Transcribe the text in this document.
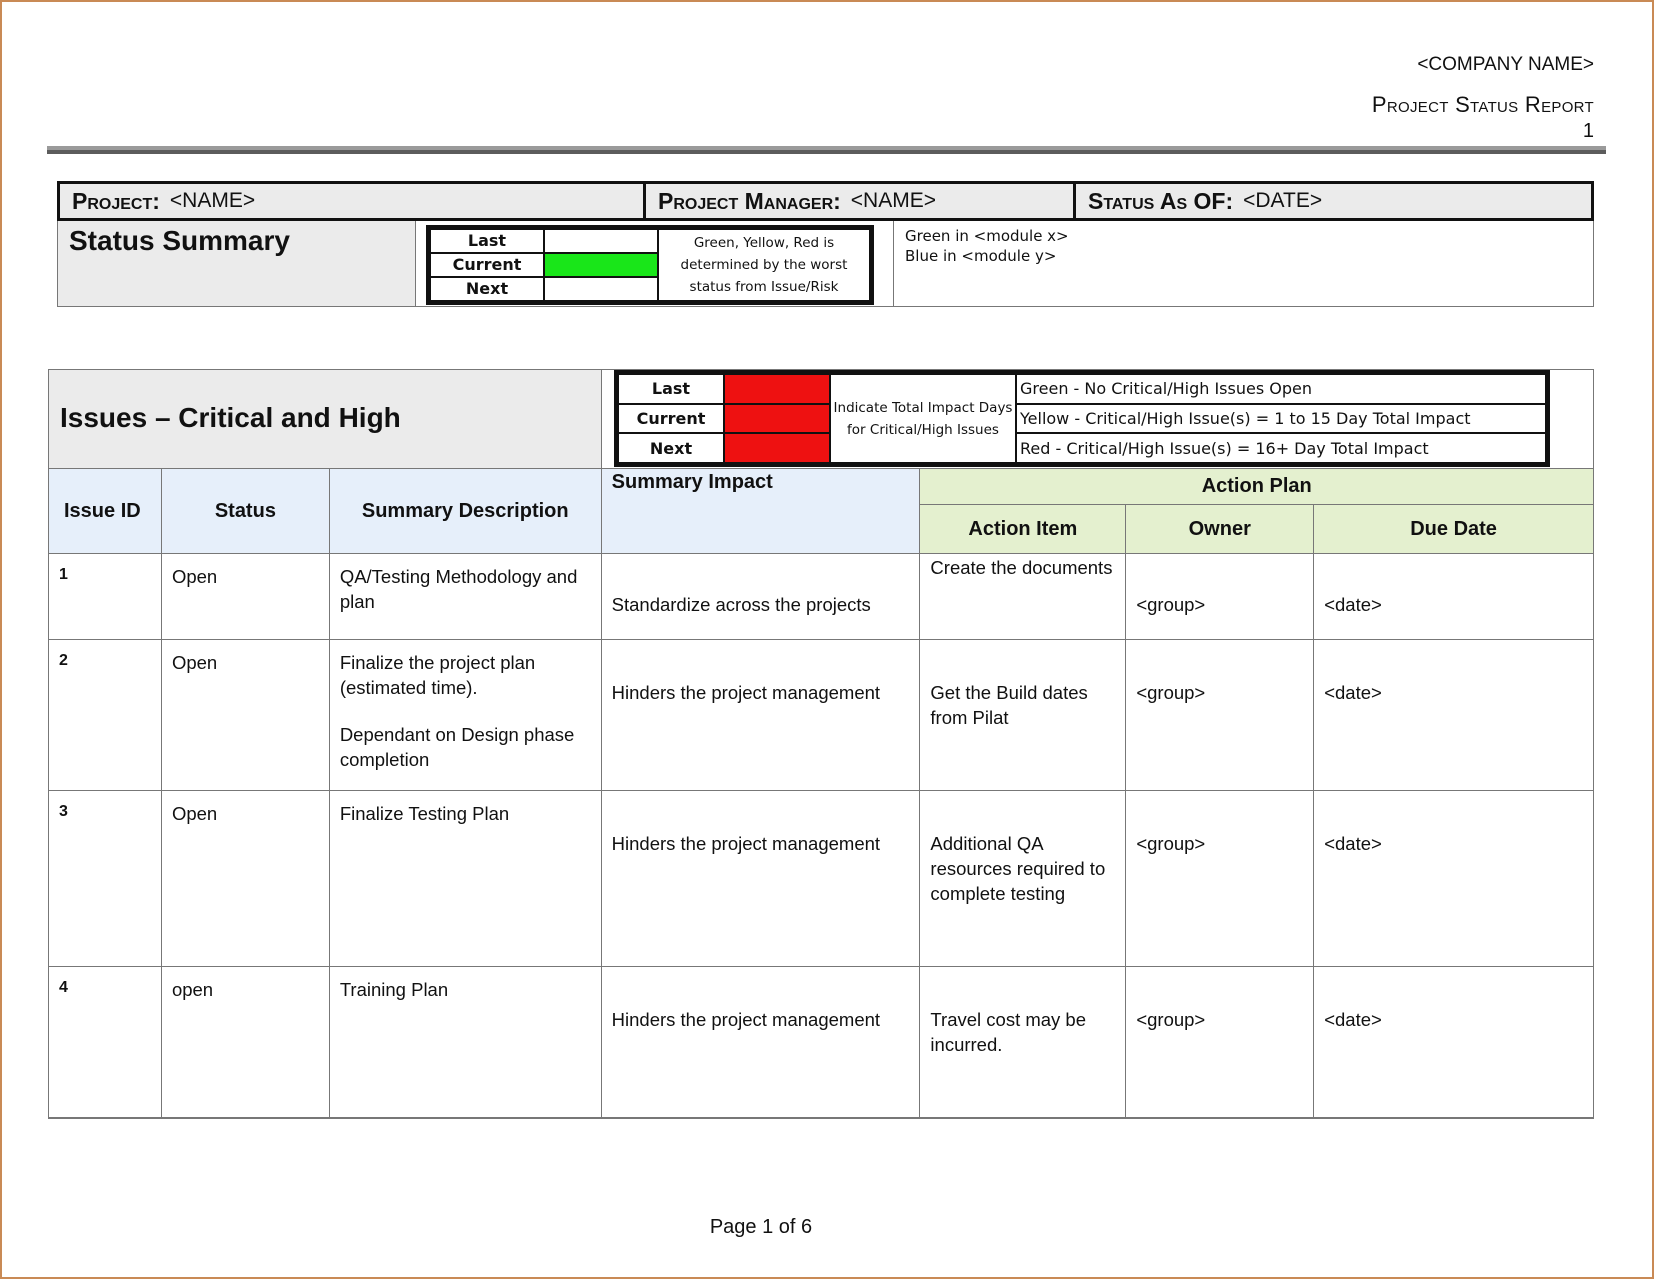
<COMPANY NAME>
Project Status Report
1
Project: <NAME>	Project Manager: <NAME>	Status As OF: <DATE>
Status Summary	Last		Green, Yellow, Red is determined by the worst status from Issue/Risk
Current		
Next		
Green in <module x>
Blue in <module y>
Issues – Critical and High
Last		Indicate Total Impact Days for Critical/High Issues	Green - No Critical/High Issues Open
Current			Yellow - Critical/High Issue(s) = 1 to 15 Day Total Impact
Next			Red - Critical/High Issue(s) = 16+ Day Total Impact
Issue ID	Status	Summary Description	Summary Impact	Action Plan		
				Action Item	Owner	Due Date
1	Open	QA/Testing Methodology and plan	Standardize across the projects	Create the documents	<group>	<date>
2	Open	Finalize the project plan (estimated time).
Dependant on Design phase completion	Hinders the project management	Get the Build dates from Pilat	<group>	<date>
3	Open	Finalize Testing Plan	Hinders the project management	Additional QA resources required to complete testing	<group>	<date>
4	open	Training Plan	Hinders the project management	Travel cost may be incurred.	<group>	<date>
Page 1 of 6
